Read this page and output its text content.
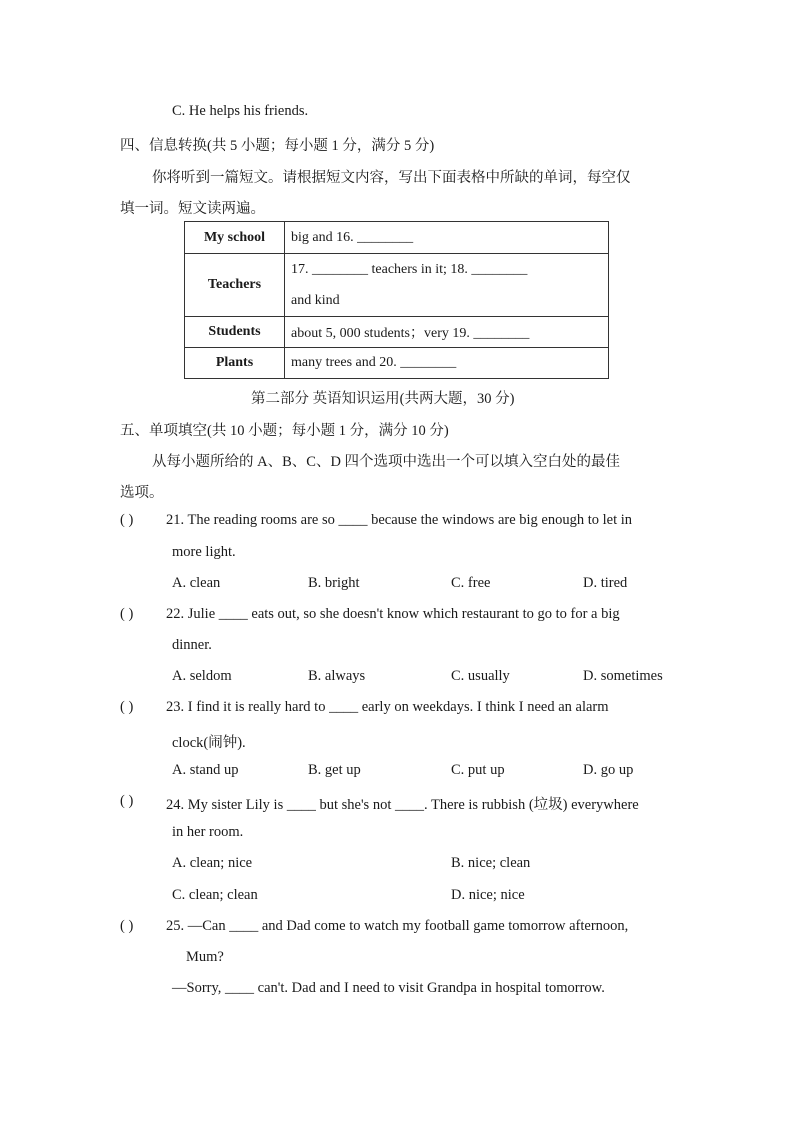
C. He helps his friends.
四、信息转换(共 5 小题；每小题 1 分，满分 5 分)
你将听到一篇短文。请根据短文内容，写出下面表格中所缺的单词，每空仅
填一词。短文读两遍。
My school	big and 16. ________
Teachers	17. ________ teachers in it; 18. ________
and kind

Students	about 5, 000 students；very 19. ________
Plants	many trees and 20. ________
第二部分 英语知识运用(共两大题，30 分)
五、单项填空(共 10 小题；每小题 1 分，满分 10 分)
从每小题所给的 A、B、C、D 四个选项中选出一个可以填入空白处的最佳
选项。
( ) 21. The reading rooms are so ____ because the windows are big enough to let in
more light.
A. clean	B. bright	C. free	D. tired
( ) 22. Julie ____ eats out, so she doesn't know which restaurant to go to for a big
dinner.
A. seldom	B. always	C. usually	D. sometimes
( ) 23. I find it is really hard to ____ early on weekdays. I think I need an alarm
clock(闹钟).
A. stand up	B. get up	C. put up	D. go up
( ) 24. My sister Lily is ____ but she's not ____. There is rubbish (垃圾) everywhere
in her room.
A. clean; nice	B. nice; clean
C. clean; clean	D. nice; nice
( ) 25. —Can ____ and Dad come to watch my football game tomorrow afternoon,
Mum?
—Sorry, ____ can't. Dad and I need to visit Grandpa in hospital tomorrow.
